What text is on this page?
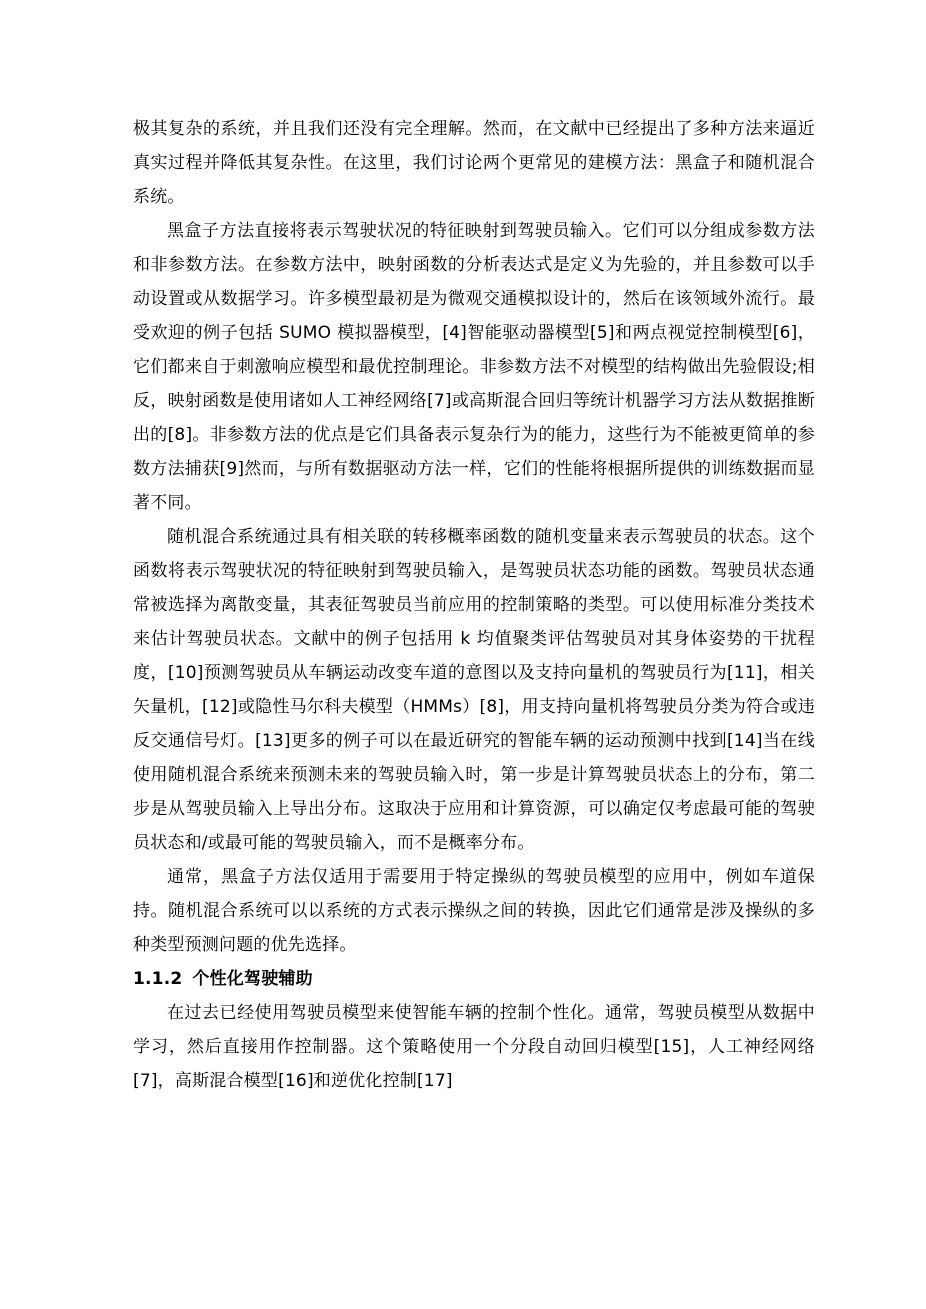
极其复杂的系统，并且我们还没有完全理解。然而，在文献中已经提出了多种方法来逼近真实过程并降低其复杂性。在这里，我们讨论两个更常见的建模方法：黑盒子和随机混合系统。

黑盒子方法直接将表示驾驶状况的特征映射到驾驶员输入。它们可以分组成参数方法和非参数方法。在参数方法中，映射函数的分析表达式是定义为先验的，并且参数可以手动设置或从数据学习。许多模型最初是为微观交通模拟设计的，然后在该领域外流行。最受欢迎的例子包括 SUMO 模拟器模型，[4]智能驱动器模型[5]和两点视觉控制模型[6]，它们都来自于刺激响应模型和最优控制理论。非参数方法不对模型的结构做出先验假设;相反，映射函数是使用诸如人工神经网络[7]或高斯混合回归等统计机器学习方法从数据推断出的[8]。非参数方法的优点是它们具备表示复杂行为的能力，这些行为不能被更简单的参数方法捕获[9]然而，与所有数据驱动方法一样，它们的性能将根据所提供的训练数据而显著不同。

随机混合系统通过具有相关联的转移概率函数的随机变量来表示驾驶员的状态。这个函数将表示驾驶状况的特征映射到驾驶员输入，是驾驶员状态功能的函数。驾驶员状态通常被选择为离散变量，其表征驾驶员当前应用的控制策略的类型。可以使用标准分类技术来估计驾驶员状态。文献中的例子包括用 k 均值聚类评估驾驶员对其身体姿势的干扰程度，[10]预测驾驶员从车辆运动改变车道的意图以及支持向量机的驾驶员行为[11]，相关矢量机，[12]或隐性马尔科夫模型（HMMs）[8]，用支持向量机将驾驶员分类为符合或违反交通信号灯。[13]更多的例子可以在最近研究的智能车辆的运动预测中找到[14]当在线使用随机混合系统来预测未来的驾驶员输入时，第一步是计算驾驶员状态上的分布，第二步是从驾驶员输入上导出分布。这取决于应用和计算资源，可以确定仅考虑最可能的驾驶员状态和/或最可能的驾驶员输入，而不是概率分布。

通常，黑盒子方法仅适用于需要用于特定操纵的驾驶员模型的应用中，例如车道保持。随机混合系统可以以系统的方式表示操纵之间的转换，因此它们通常是涉及操纵的多种类型预测问题的优先选择。

1.1.2 个性化驾驶辅助

在过去已经使用驾驶员模型来使智能车辆的控制个性化。通常，驾驶员模型从数据中学习，然后直接用作控制器。这个策略使用一个分段自动回归模型[15]，人工神经网络[7]，高斯混合模型[16]和逆优化控制[17]
